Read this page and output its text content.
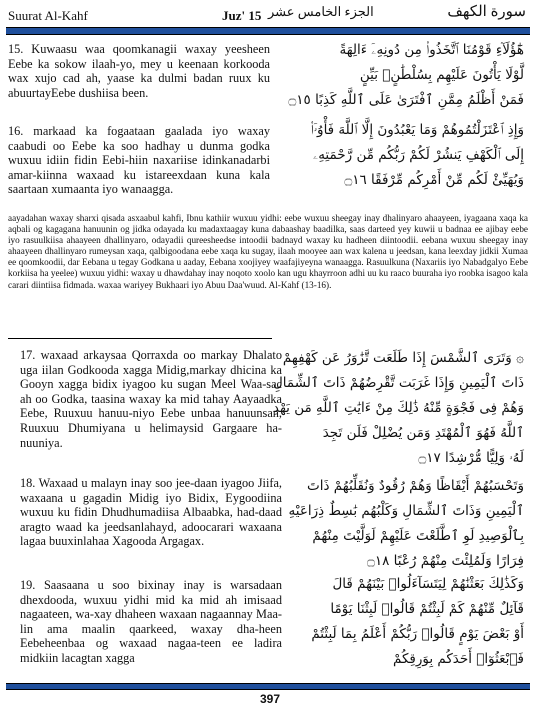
Suurat Al-Kahf	Juz' 15 الجزء الخامس عشر	سورة الكهف

15. Kuwaasu waa qoomkanagii waxay yeesheen Eebe ka sokow ilaah-yo, mey u keenaan korkooda wax xujo cad ah, yaase ka dulmi badan ruux ku abuurtayEebe dushiisa been.

هَٰٓؤُلَآءِ قَوْمُنَا ٱتَّخَذُوا۟ مِن دُونِهِۦٓ ءَالِهَةً
لَّوْلَا يَأْتُونَ عَلَيْهِم بِسُلْطَٰنٍۭ بَيِّنٍ
فَمَنْ أَظْلَمُ مِمَّنِ ٱفْتَرَىٰ عَلَى ٱللَّهِ كَذِبًا ۝١٥

16. markaad ka fogaataan gaalada iyo waxay caabudi oo Eebe ka soo hadhay u dunma godka wuxuu idiin fidin Eebi-hiin naxariise idinkanadarbi amar-kiinna waxaad ku istareexdaan kuna kala saartaan xumaanta iyo wanaagga.

وَإِذِ ٱعْتَزَلْتُمُوهُمْ وَمَا يَعْبُدُونَ إِلَّا ٱللَّهَ فَأْوُۥٓا۟
إِلَى ٱلْكَهْفِ يَنشُرْ لَكُمْ رَبُّكُم مِّن رَّحْمَتِهِۦ
وَيُهَيِّئْ لَكُم مِّنْ أَمْرِكُم مِّرْفَقًا ۝١٦

aayadahan waxay sharxi qisada asxaabul kahfi, Ibnu kathiir wuxuu yidhi: eebe wuxuu sheegay inay dhalinyaro ahaayeen, iyagaana xaqa ka aqbali og kagagana hanuunin og jidka odayada ku madaxtaagay kuna dabaashay baadilka, saas darteed yey kuwii u badnaa ee ajibay eebe iyo rasuulkiisa ahaayeen dhallinyaro, odayadii qureesheedse intoodii badnayd waxay ku hadheen diintoodii. eebana wuxuu sheegay inay ahaayeen dhallinyaro rumeysan xaqa, qalbigoodana eebe xaqa ku sugay, ilaah mooyee aan wax kalena u jeedsan, kana leexday jidkii Xumaa ee qoomkoodii, dar Eebana u tegay Godkana u aaday, Eebana xoojiyey waafajiyeyna wanaagga. Rasuulkuna (Naxariis iyo Nabadgalyo Eebe korkiisa ha yeelee) wuxuu yidhi: waxay u dhawdahay inay noqoto xoolo kan ugu khayrroon adhi uu ku raaco buuraha iyo roobka isagoo kala carari diintiisa fidmada. waxaa wariyey Bukhaari iyo Abuu Daa'wuud. Al-Kahf (13-16).

17. waxaad arkaysaa Qorraxda oo markay Dhalato uga iilan Godkooda xagga Midig,markay dhicina ka Gooyn xagga bidix iyagoo ku sugan Meel Waa-sac ah oo Godka, taasina waxay ka mid tahay Aayaadka Eebe, Ruuxuu hanuu-niyo Eebe unbaa hanuunsan, Ruuxuu Dhumiyana u helimaysid Gargaare ha-nuuniya.

۞ وَتَرَى ٱلشَّمْسَ إِذَا طَلَعَت تَّزَٰوَرُ عَن كَهْفِهِمْ
ذَاتَ ٱلْيَمِينِ وَإِذَا غَرَبَت تَّقْرِضُهُمْ ذَاتَ ٱلشِّمَالِ
وَهُمْ فِى فَجْوَةٍ مِّنْهُ ذَٰلِكَ مِنْ ءَايَٰتِ ٱللَّهِ مَن يَهْدِ
ٱللَّهُ فَهُوَ ٱلْمُهْتَدِ وَمَن يُضْلِلْ فَلَن تَجِدَ
لَهُۥ وَلِيًّا مُّرْشِدًا ۝١٧

18. Waxaad u malayn inay soo jee-daan iyagoo Jiifa, waxaana u gagadin Midig iyo Bidix, Eygoodiina wuxuu ku fidin Dhudhumadiisa Albaabka, had-daad aragto waad ka jeedsanlahayd, adoocarari waxaana lagaa buuxinlahaa Xagooda Argagax.

وَتَحْسَبُهُمْ أَيْقَاظًا وَهُمْ رُقُودٌ وَنُقَلِّبُهُمْ ذَاتَ
ٱلْيَمِينِ وَذَاتَ ٱلشِّمَالِ وَكَلْبُهُم بَٰسِطٌ ذِرَاعَيْهِ
بِٱلْوَصِيدِ لَوِ ٱطَّلَعْتَ عَلَيْهِمْ لَوَلَّيْتَ مِنْهُمْ
فِرَارًا وَلَمُلِئْتَ مِنْهُمْ رُعْبًا ۝١٨

19. Saasaana u soo bixinay inay is warsadaan dhexdooda, wuxuu yidhi mid ka mid ah imisaad nagaateen, wa-xay dhaheen waxaan nagaannay Maa-lin ama maalin qaarkeed, waxay dha-heen Eebeheenbaa og waxaad nagaa-teen ee ladira midkiin lacagtan xagga

وَكَذَٰلِكَ بَعَثْنَٰهُمْ لِيَتَسَآءَلُوا۟ بَيْنَهُمْ قَالَ
قَآئِلٌ مِّنْهُمْ كَمْ لَبِثْتُمْ قَالُوا۟ لَبِثْنَا يَوْمًا
أَوْ بَعْضَ يَوْمٍ قَالُوا۟ رَبُّكُمْ أَعْلَمُ بِمَا لَبِثْتُمْ
فَٱبْعَثُوٓا۟ أَحَدَكُم بِوَرِقِكُمْ
397
